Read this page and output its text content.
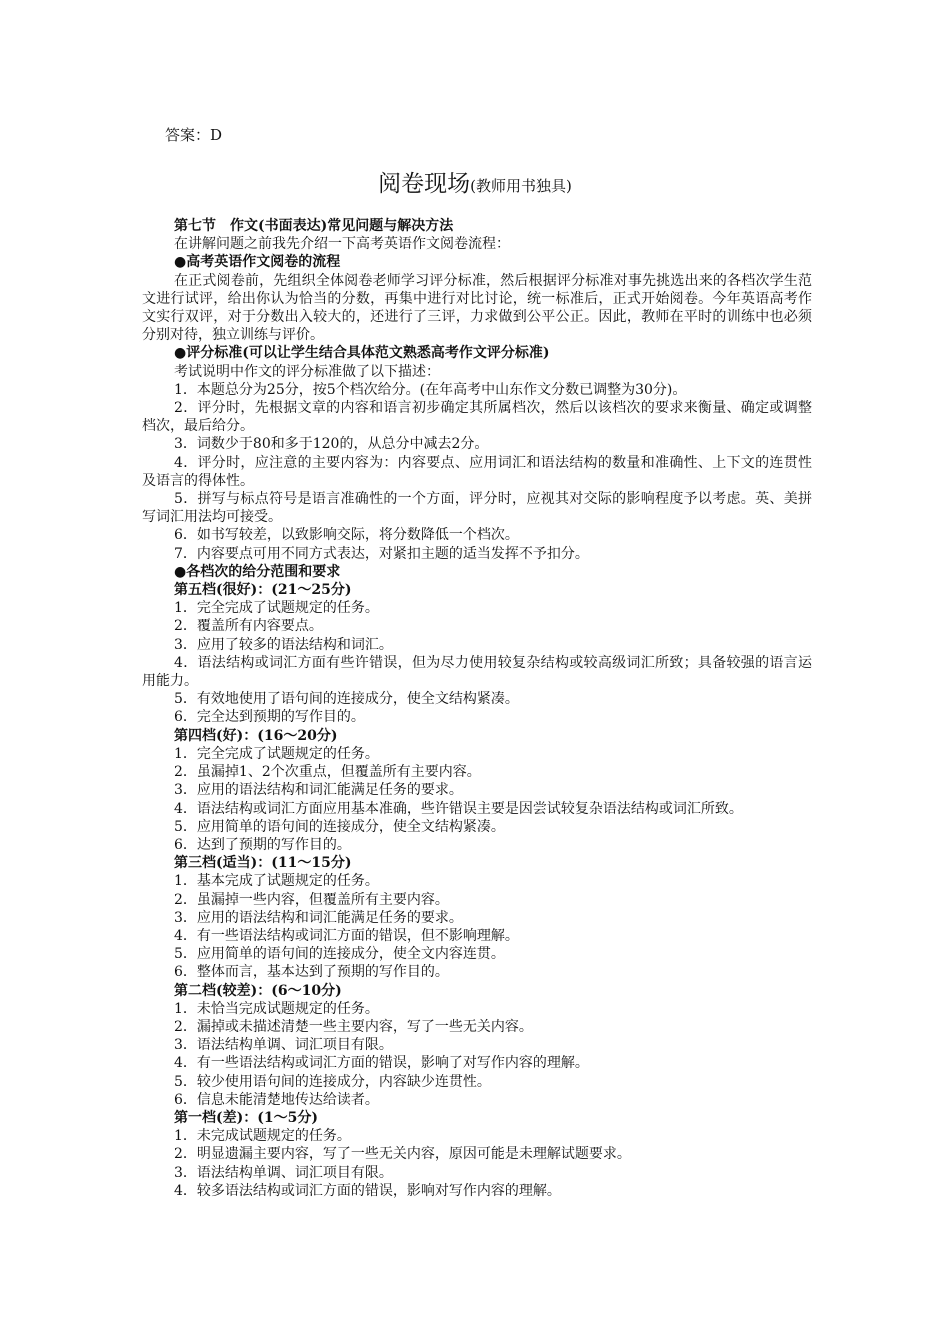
答案：D
阅卷现场(教师用书独具)

第七节　作文(书面表达)常见问题与解决方法

在讲解问题之前我先介绍一下高考英语作文阅卷流程：

●高考英语作文阅卷的流程

在正式阅卷前，先组织全体阅卷老师学习评分标准，然后根据评分标准对事先挑选出来的各档次学生范文进行试评，给出你认为恰当的分数，再集中进行对比讨论，统一标准后，正式开始阅卷。今年英语高考作文实行双评，对于分数出入较大的，还进行了三评，力求做到公平公正。因此，教师在平时的训练中也必须分别对待，独立训练与评价。

●评分标准(可以让学生结合具体范文熟悉高考作文评分标准)

考试说明中作文的评分标准做了以下描述：

1．本题总分为25分，按5个档次给分。(在年高考中山东作文分数已调整为30分)。

2．评分时，先根据文章的内容和语言初步确定其所属档次，然后以该档次的要求来衡量、确定或调整档次，最后给分。

3．词数少于80和多于120的，从总分中减去2分。

4．评分时，应注意的主要内容为：内容要点、应用词汇和语法结构的数量和准确性、上下文的连贯性及语言的得体性。

5．拼写与标点符号是语言准确性的一个方面，评分时，应视其对交际的影响程度予以考虑。英、美拼写词汇用法均可接受。

6．如书写较差，以致影响交际，将分数降低一个档次。

7．内容要点可用不同方式表达，对紧扣主题的适当发挥不予扣分。

●各档次的给分范围和要求

第五档(很好)：(21～25分)

1．完全完成了试题规定的任务。

2．覆盖所有内容要点。

3．应用了较多的语法结构和词汇。

4．语法结构或词汇方面有些许错误，但为尽力使用较复杂结构或较高级词汇所致；具备较强的语言运用能力。

5．有效地使用了语句间的连接成分，使全文结构紧凑。

6．完全达到预期的写作目的。

第四档(好)：(16～20分)

1．完全完成了试题规定的任务。

2．虽漏掉1、2个次重点，但覆盖所有主要内容。

3．应用的语法结构和词汇能满足任务的要求。

4．语法结构或词汇方面应用基本准确，些许错误主要是因尝试较复杂语法结构或词汇所致。

5．应用简单的语句间的连接成分，使全文结构紧凑。

6．达到了预期的写作目的。

第三档(适当)：(11～15分)

1．基本完成了试题规定的任务。

2．虽漏掉一些内容，但覆盖所有主要内容。

3．应用的语法结构和词汇能满足任务的要求。

4．有一些语法结构或词汇方面的错误，但不影响理解。

5．应用简单的语句间的连接成分，使全文内容连贯。

6．整体而言，基本达到了预期的写作目的。

第二档(较差)：(6～10分)

1．未恰当完成试题规定的任务。

2．漏掉或未描述清楚一些主要内容，写了一些无关内容。

3．语法结构单调、词汇项目有限。

4．有一些语法结构或词汇方面的错误，影响了对写作内容的理解。

5．较少使用语句间的连接成分，内容缺少连贯性。

6．信息未能清楚地传达给读者。

第一档(差)：(1～5分)

1．未完成试题规定的任务。

2．明显遗漏主要内容，写了一些无关内容，原因可能是未理解试题要求。

3．语法结构单调、词汇项目有限。

4．较多语法结构或词汇方面的错误，影响对写作内容的理解。
